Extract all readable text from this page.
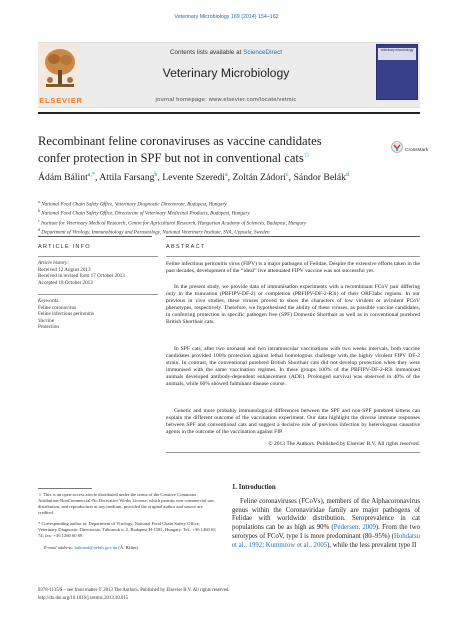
Veterinary Microbiology 169 (2014) 154–162
ELSEVIER
Contents lists available at ScienceDirect
Veterinary Microbiology
journal homepage: www.elsevier.com/locate/vetmic
veterinary microbiology
Recombinant feline coronaviruses as vaccine candidates
confer protection in SPF but not in conventional cats☆
CrossMark
Ádám Bálint$^{a,*}$, Attila Farsang$^b$, Levente Szeredi$^a$, Zoltán Zádori$^c$, Sándor Belák$^d$
$^a$ National Food Chain Safety Office, Veterinary Diagnostic Directorate, Budapest, Hungary
$^b$ National Food Chain Safety Office, Directorate of Veterinary Medicinal Products, Budapest, Hungary
$^c$ Institute for Veterinary Medical Research, Centre for Agricultural Research, Hungarian Academy of Sciences, Budapest, Hungary
$^d$ Department of Virology, Immunobiology and Parasitology, National Veterinary Institute, SVA, Uppsala, Sweden
ARTICLE INFO
Article history:
Received 12 August 2013
Received in revised form 17 October 2013
Accepted 18 October 2013
Keywords:
Feline coronavirus
Feline infectious peritonitis
Vaccine
Protection
ABSTRACT
Feline infectious peritonitis virus (FIPV) is a major pathogen of Felidae. Despite the extensive efforts taken in the past decades, development of the “ideal” live attenuated FIPV vaccine was not successful yet.
In the present study, we provide data of immunisation experiments with a recombinant FCoV pair differing only in the truncation (PBFIPV-DF-2) or completion (PBFIPV-DF-2-R3i) of their ORF3abc regions. In our previous in vivo studies, these viruses proved to show the characters of low virulent or avirulent FCoV phenotypes, respectively. Therefore, we hypothesised the ability of these viruses, as possible vaccine candidates, in conferring protection in specific pathogen free (SPF) Domestic Shorthair as well as in conventional purebred British Shorthair cats.
In SPF cats, after two oronasal and two intramuscular vaccinations with two weeks intervals, both vaccine candidates provided 100% protection against lethal homologous challenge with the highly virulent FIPV DF-2 strain. In contrast, the conventional purebred British Shorthair cats did not develop protection when they were immunised with the same vaccination regimes. In these groups 100% of the PBFIPV-DF-2-R3i immunised animals developed antibody-dependent enhancement (ADE). Prolonged survival was observed in 40% of the animals, while 60% showed fulminant disease course.
Genetic and more probably immunological differences between the SPF and non-SPF purebred kittens can explain the different outcome of the vaccination experiment. Our data highlight the diverse immune responses between SPF and conventional cats and suggest a decisive role of previous infection by heterologous causative agents in the outcome of the vaccination against FIP.
© 2013 The Authors. Published by Elsevier B.V. All rights reserved.
☆ This is an open-access article distributed under the terms of the Creative Commons Attribution-NonCommercial-No Derivative Works License, which permits non-commercial use, distribution, and reproduction in any medium, provided the original author and source are credited.
* Corresponding author at: Department of Virology, National Food Chain Safety Office, Veterinary Diagnostic Directorate, Tábornok u. 2, Budapest H-1581, Hungary. Tel.: +36 1460 63 74; fax: +36 1260 60 69.
E-mail address: balintad@nebih.gov.hu (Á. Bálint).
1. Introduction
Feline coronaviruses (FCoVs), members of the Alphacoronavirus genus within the Coronaviridae family are major pathogens of Felidae with worldwide distribution. Seroprevalence in cat populations can be as high as 90% (Pedersen, 2009). From the two serotypes of FCoV, type I is more predominant (80–95%) (Hohdatsu et al., 1992; Kummrow et al., 2005), while the less prevalent type II
0378-1135/$ – see front matter © 2013 The Authors. Published by Elsevier B.V. All rights reserved.
http://dx.doi.org/10.1016/j.vetmic.2013.10.015
